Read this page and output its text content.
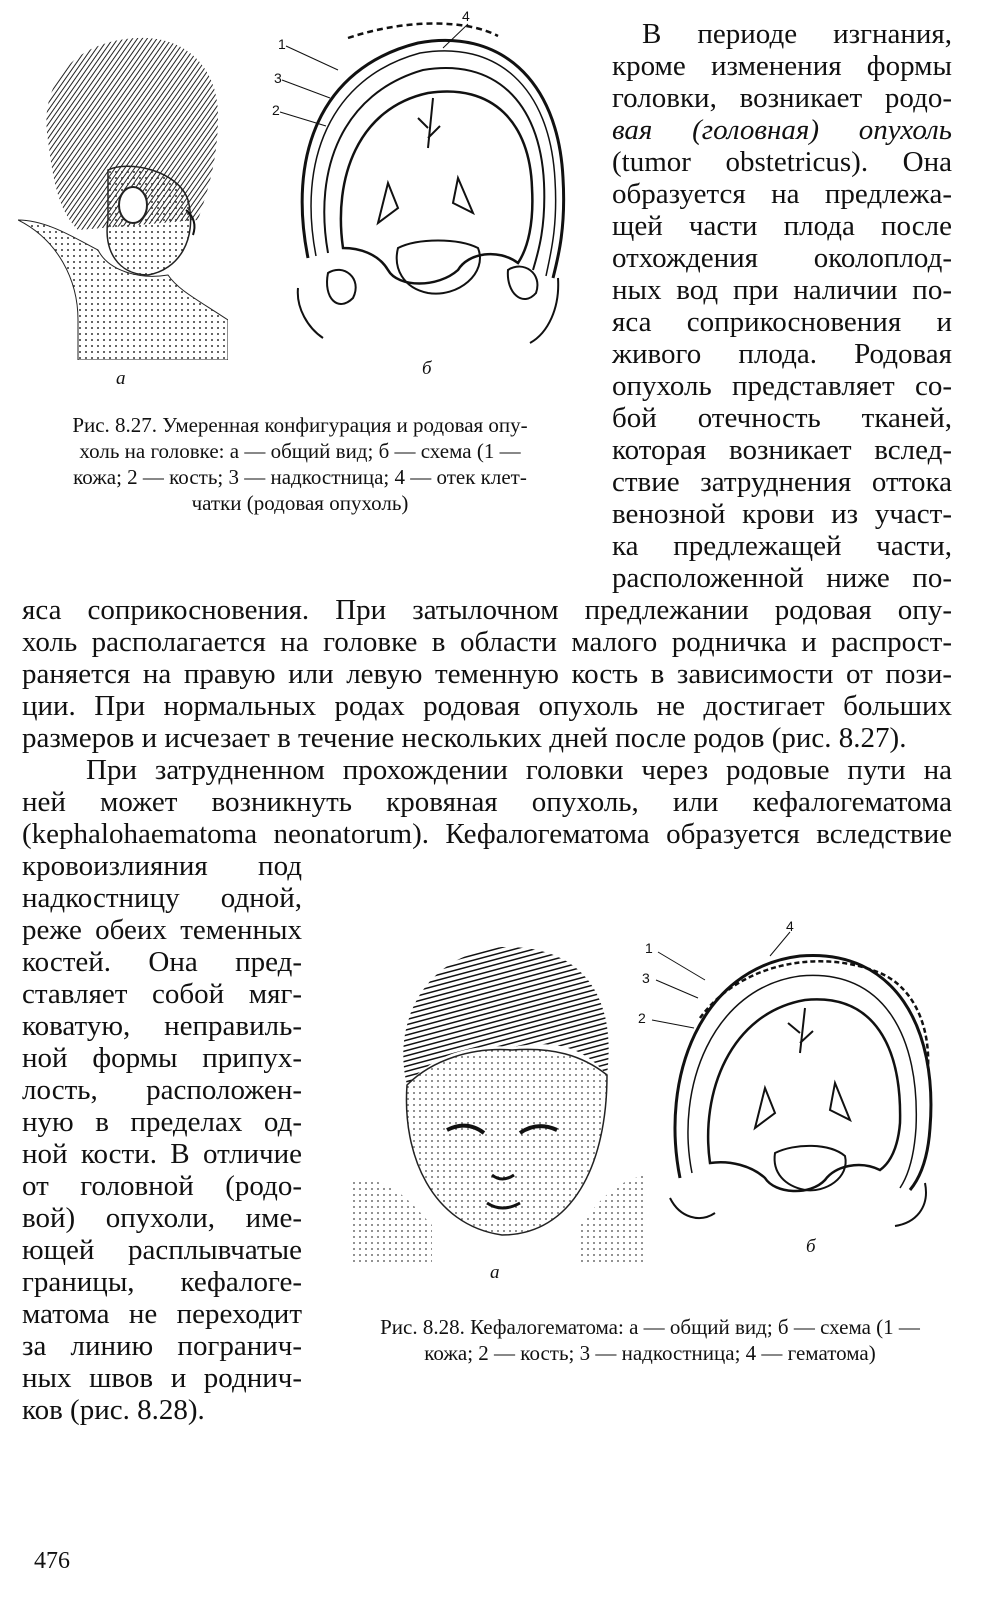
а
1
3
2
4
б
Рис. 8.27. Умеренная конфигурация и родовая опу-
холь на головке: а — общий вид; б — схема (1 —
кожа; 2 — кость; 3 — надкостница; 4 — отек клет-
чатки (родовая опухоль)
В периоде изгнания,
кроме изменения формы
головки, возникает родо-
вая (головная) опухоль
(tumor obstetricus). Она
образуется на предлежа-
щей части плода после
отхождения околоплод-
ных вод при наличии по-
яса соприкосновения и
живого плода. Родовая
опухоль представляет со-
бой отечность тканей,
которая возникает вслед-
ствие затруднения оттока
венозной крови из участ-
ка предлежащей части,
расположенной ниже по-
яса соприкосновения. При затылочном предлежании родовая опу-
холь располагается на головке в области малого родничка и распрост-
раняется на правую или левую теменную кость в зависимости от пози-
ции. При нормальных родах родовая опухоль не достигает больших
размеров и исчезает в течение нескольких дней после родов (рис. 8.27).
При затрудненном прохождении головки через родовые пути на
ней может возникнуть кровяная опухоль, или кефалогематома
(kephalohaematoma neonatorum). Кефалогематома образуется вследствие
кровоизлияния под
надкостницу одной,
реже обеих теменных
костей. Она пред-
ставляет собой мяг-
коватую, неправиль-
ной формы припух-
лость, расположен-
ную в пределах од-
ной кости. В отличие
от головной (родо-
вой) опухоли, име-
ющей расплывчатые
границы, кефалоге-
матома не переходит
за линию погранич-
ных швов и роднич-
ков (рис. 8.28).
а
1
3
2
4
б
Рис. 8.28. Кефалогематома: а — общий вид; б — схема (1 —
кожа; 2 — кость; 3 — надкостница; 4 — гематома)
476
